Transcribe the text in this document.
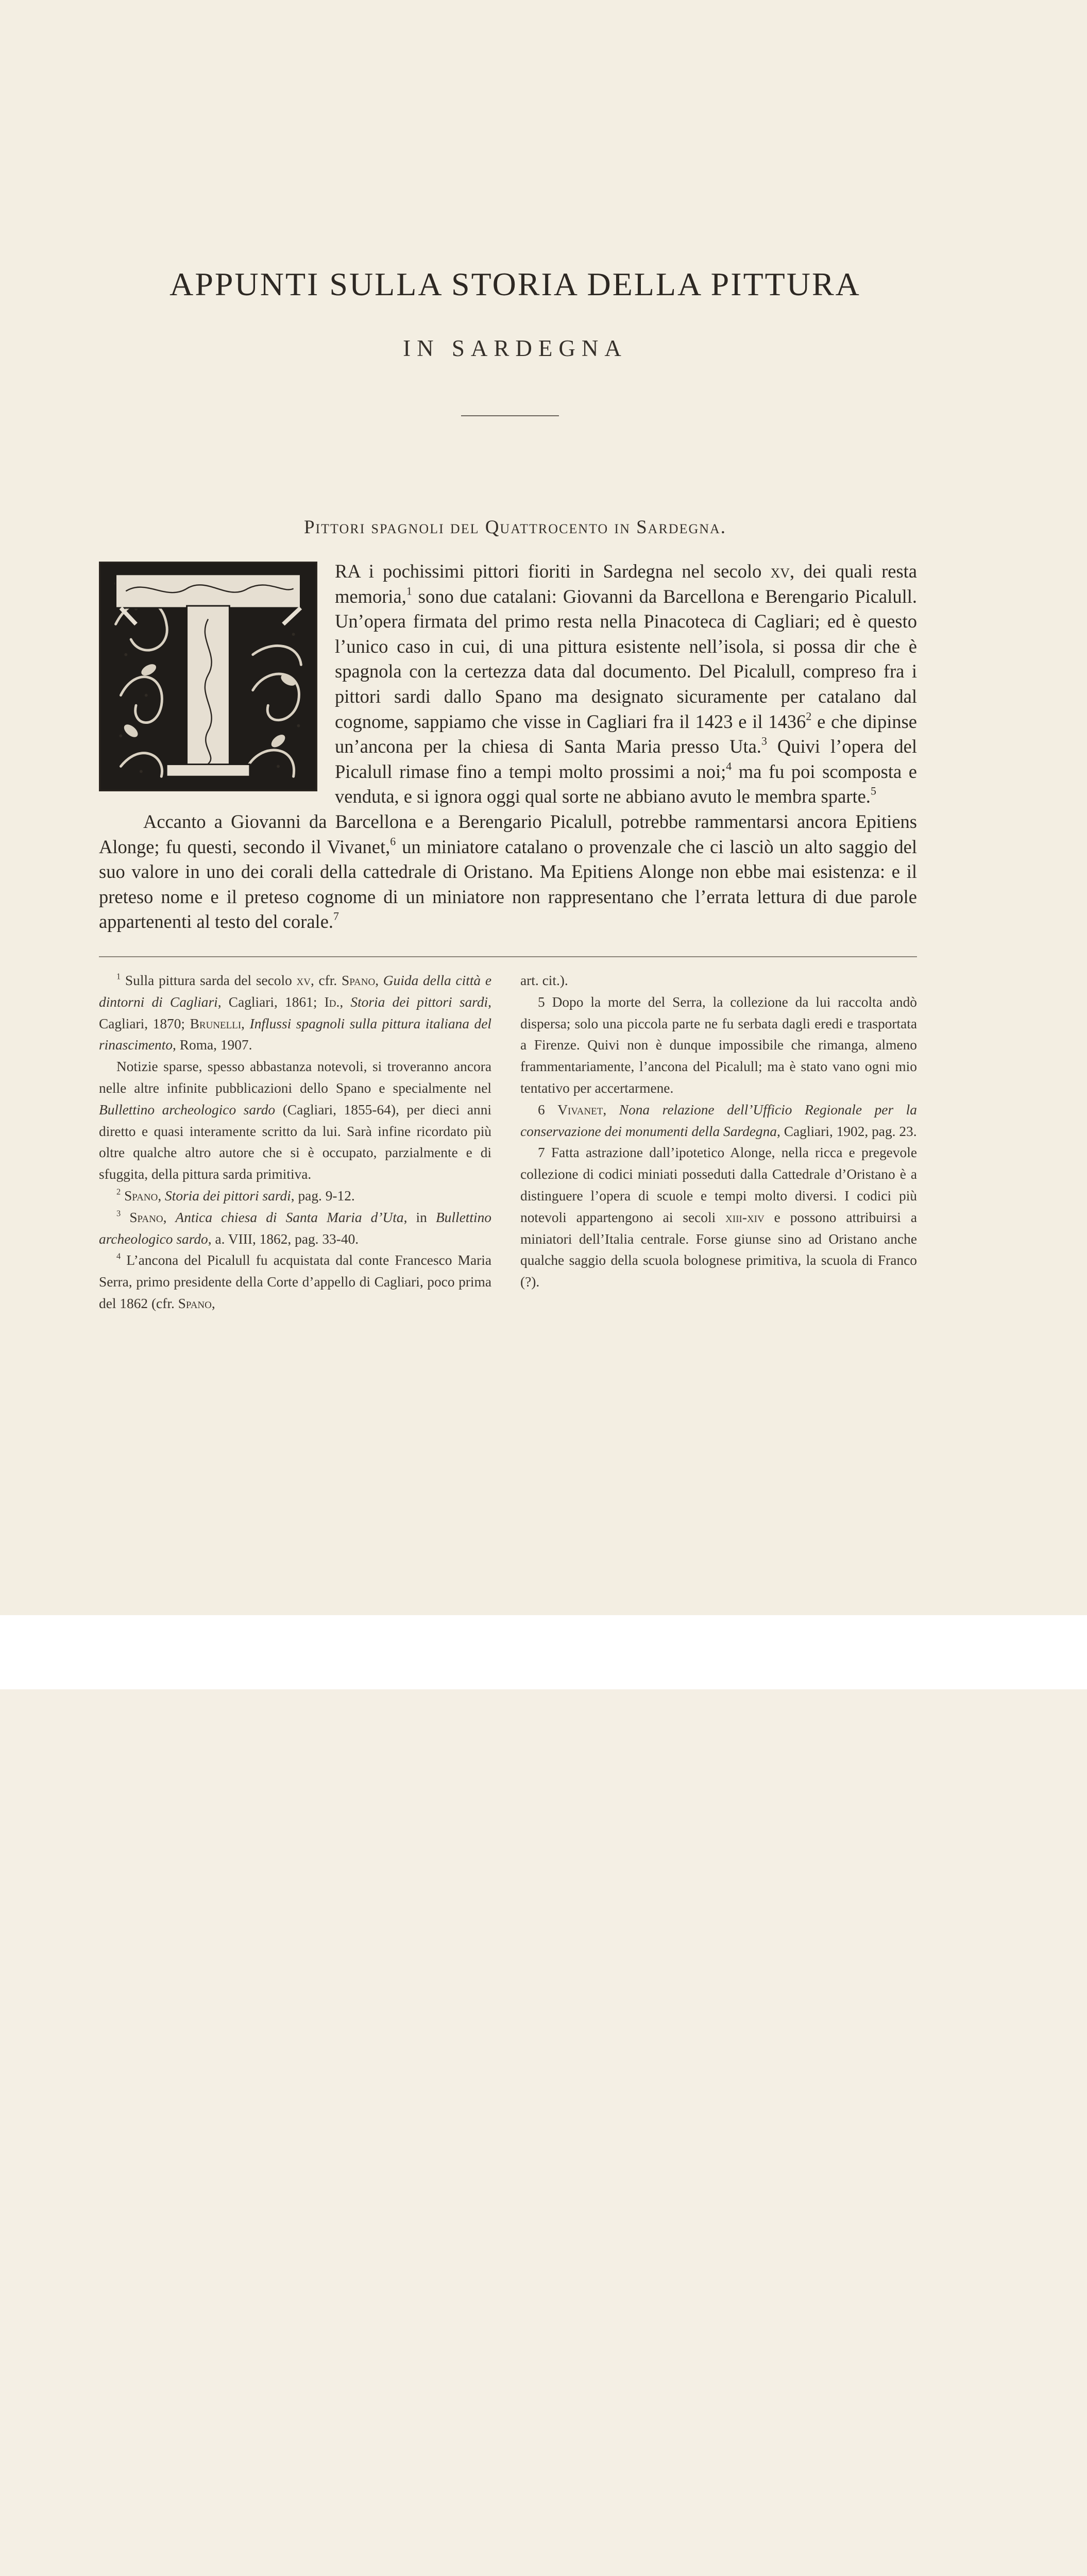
APPUNTI SULLA STORIA DELLA PITTURA
IN SARDEGNA
Pittori spagnoli del Quattrocento in Sardegna.

RA i pochissimi pittori fioriti in Sardegna nel secolo xv, dei quali resta memoria,$^1$ sono due catalani: Giovanni da Barcellona e Berengario Picalull. Un’opera firmata del primo resta nella Pinacoteca di Cagliari; ed è questo l’unico caso in cui, di una pittura esistente nell’isola, si possa dir che è spagnola con la certezza data dal documento. Del Picalull, compreso fra i pittori sardi dallo Spano ma designato sicuramente per catalano dal cognome, sappiamo che visse in Cagliari fra il 1423 e il 1436$^2$ e che dipinse un’ancona per la chiesa di Santa Maria presso Uta.$^3$ Quivi l’opera del Picalull rimase fino a tempi molto prossimi a noi;$^4$ ma fu poi scomposta e venduta, e si ignora oggi qual sorte ne abbiano avuto le membra sparte.$^5$

Accanto a Giovanni da Barcellona e a Berengario Picalull, potrebbe rammentarsi ancora Epitiens Alonge; fu questi, secondo il Vivanet,$^6$ un miniatore catalano o provenzale che ci lasciò un alto saggio del suo valore in uno dei corali della cattedrale di Oristano. Ma Epitiens Alonge non ebbe mai esistenza: e il preteso nome e il preteso cognome di un miniatore non rappresentano che l’errata lettura di due parole appartenenti al testo del corale.$^7$

$^1$ Sulla pittura sarda del secolo xv, cfr. Spano, Guida della città e dintorni di Cagliari, Cagliari, 1861; Id., Storia dei pittori sardi, Cagliari, 1870; Brunelli, Influssi spagnoli sulla pittura italiana del rinascimento, Roma, 1907.

Notizie sparse, spesso abbastanza notevoli, si troveranno ancora nelle altre infinite pubblicazioni dello Spano e specialmente nel Bullettino archeologico sardo (Cagliari, 1855-64), per dieci anni diretto e quasi interamente scritto da lui. Sarà infine ricordato più oltre qualche altro autore che si è occupato, parzialmente e di sfuggita, della pittura sarda primitiva.

$^2$ Spano, Storia dei pittori sardi, pag. 9-12.

$^3$ Spano, Antica chiesa di Santa Maria d’Uta, in Bullettino archeologico sardo, a. VIII, 1862, pag. 33-40.

$^4$ L’ancona del Picalull fu acquistata dal conte Francesco Maria Serra, primo presidente della Corte d’appello di Cagliari, poco prima del 1862 (cfr. Spano,

art. cit.).

5 Dopo la morte del Serra, la collezione da lui raccolta andò dispersa; solo una piccola parte ne fu serbata dagli eredi e trasportata a Firenze. Quivi non è dunque impossibile che rimanga, almeno frammentariamente, l’ancona del Picalull; ma è stato vano ogni mio tentativo per accertarmene.

6 Vivanet, Nona relazione dell’Ufficio Regionale per la conservazione dei monumenti della Sardegna, Cagliari, 1902, pag. 23.

7 Fatta astrazione dall’ipotetico Alonge, nella ricca e pregevole collezione di codici miniati posseduti dalla Cattedrale d’Oristano è a distinguere l’opera di scuole e tempi molto diversi. I codici più notevoli appartengono ai secoli xiii-xiv e possono attribuirsi a miniatori dell’Italia centrale. Forse giunse sino ad Oristano anche qualche saggio della scuola bolognese primitiva, la scuola di Franco (?).
